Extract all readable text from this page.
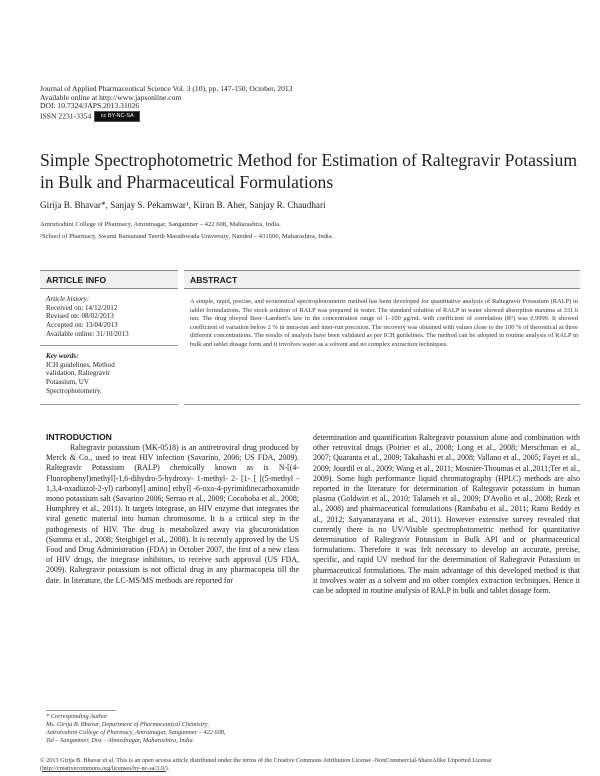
Journal of Applied Pharmaceutical Science Vol. 3 (10), pp. 147-150, October, 2013
Available online at http://www.japsonline.com
DOI: 10.7324/JAPS.2013.31026
ISSN 2231-3354 cc BY-NC-SA
Simple Spectrophotometric Method for Estimation of Raltegravir Potassium in Bulk and Pharmaceutical Formulations
Girija B. Bhavar*, Sanjay S. Pekamwar¹, Kiran B. Aher, Sanjay R. Chaudhari
Amrutvahini College of Pharmacy, Amrutnagar, Sangamner – 422 608, Maharashtra, India.
¹School of Pharmacy, Swami Ramanand Teerth Marathwada University, Nanded – 431606, Maharashtra, India.
ARTICLE INFO
Article history:
Received on: 14/12/2012
Revised on: 08/02/2013
Accepted on: 13/04/2013
Available online: 31/10/2013
Key words:
ICH guidelines, Method
validation, Raltegravir
Potassium, UV
Spectrophotometry.
ABSTRACT
A simple, rapid, precise, and economical spectrophotometric method has been developed for quantitative analysis of Raltegravir Potassium (RALP) in tablet formulations. The stock solution of RALP was prepared in water. The standard solution of RALP in water showed absorption maxima at 331.6 nm. The drug obeyed Beer–Lambert's law in the concentration range of 1–100 μg/mL with coefficient of correlation (R²) was 0.9999. It showed coefficient of variation below 2 % in intra-run and inter-run precision. The recovery was obtained with values close to the 100 % of theoretical at three different concentrations. The results of analysis have been validated as per ICH guidelines. The method can be adopted in routine analysis of RALP in bulk and tablet dosage form and it involves water as a solvent and no complex extraction techniques.
INTRODUCTION

Raltegravir potassium (MK-0518) is an antiretroviral drug produced by Merck & Co., used to treat HIV infection (Savarino, 2006; US FDA, 2009). Raltegravir Potassium (RALP) chemically known as is N-[(4-Fluorophenyl)methyl]-1,6-dihydro-5-hydroxy- 1-methyl- 2- [1- [ [(5-methyl - 1,3,4-oxadiazol-2-yl) carbonyl] amino] ethyl] -6-oxo-4-pyrimidinecarboxamide mono potassium salt (Savarino 2006; Serrao et al., 2009; Cocohoba et al., 2008; Humphrey et al., 2011). It targets integrase, an HIV enzyme that integrates the viral genetic material into human chromosome. It is a critical step in the pathogenesis of HIV. The drug is metabolized away via glucuronidation (Summa et al., 2008; Steigbigel et al., 2008). It is recently approved by the US Food and Drug Administration (FDA) in October 2007, the first of a new class of HIV drugs, the integrase inhibitors, to receive such approval (US FDA, 2009). Raltegravir potassium is not official drug in any pharmacopeia till the date. In literature, the LC-MS/MS methods are reported for

determination and quantification Raltegravir potassium alone and combination with other retroviral drugs (Poirier et al., 2008; Long et al., 2008; Merschman et al., 2007; Quaranta et al., 2009; Takahashi et al., 2008; Vallano et al., 2005; Fayet et al., 2009; Jourdil et al., 2009; Wang et al., 2011; Mosnier-Thoumas et al.,2011;Ter et al., 2009). Some high performance liquid chromatography (HPLC) methods are also reported in the literature for determination of Raltegravir potassium in human plasma (Goldwirt et al., 2010; Talameh et al., 2009; D'Avolio et al., 2008; Rezk et al., 2008) and pharmaceutical formulations (Rambabu et al., 2011; Rami Reddy et al., 2012; Satyanarayana et al., 2011). However extensive survey revealed that currently there is no UV/Visible spectrophotometric method for quantitative determination of Raltegravir Potassium in Bulk API and or pharmaceutical formulations. Therefore it was felt necessary to develop an accurate, precise, specific, and rapid UV method for the determination of Raltegravir Potassium in pharmaceutical formulations. The main advantage of this developed method is that it involves water as a solvent and no other complex extraction techniques. Hence it can be adopted in routine analysis of RALP in bulk and tablet dosage form.

* Corresponding Author
Ms. Girija B. Bhavar, Department of Pharmaceutical Chemistry,
Amrutvahini College of Pharmacy, Amrutnagar, Sangamner – 422 608,
Tal – Sangamner, Dist – Ahmednagar, Maharashtra, India.
© 2013 Girija B. Bhavar et al. This is an open access article distributed under the terms of the Creative Commons Attribution License -NonCommercial-ShareAlike Unported License (http://creativecommons.org/licenses/by-nc-sa/3.0/).
